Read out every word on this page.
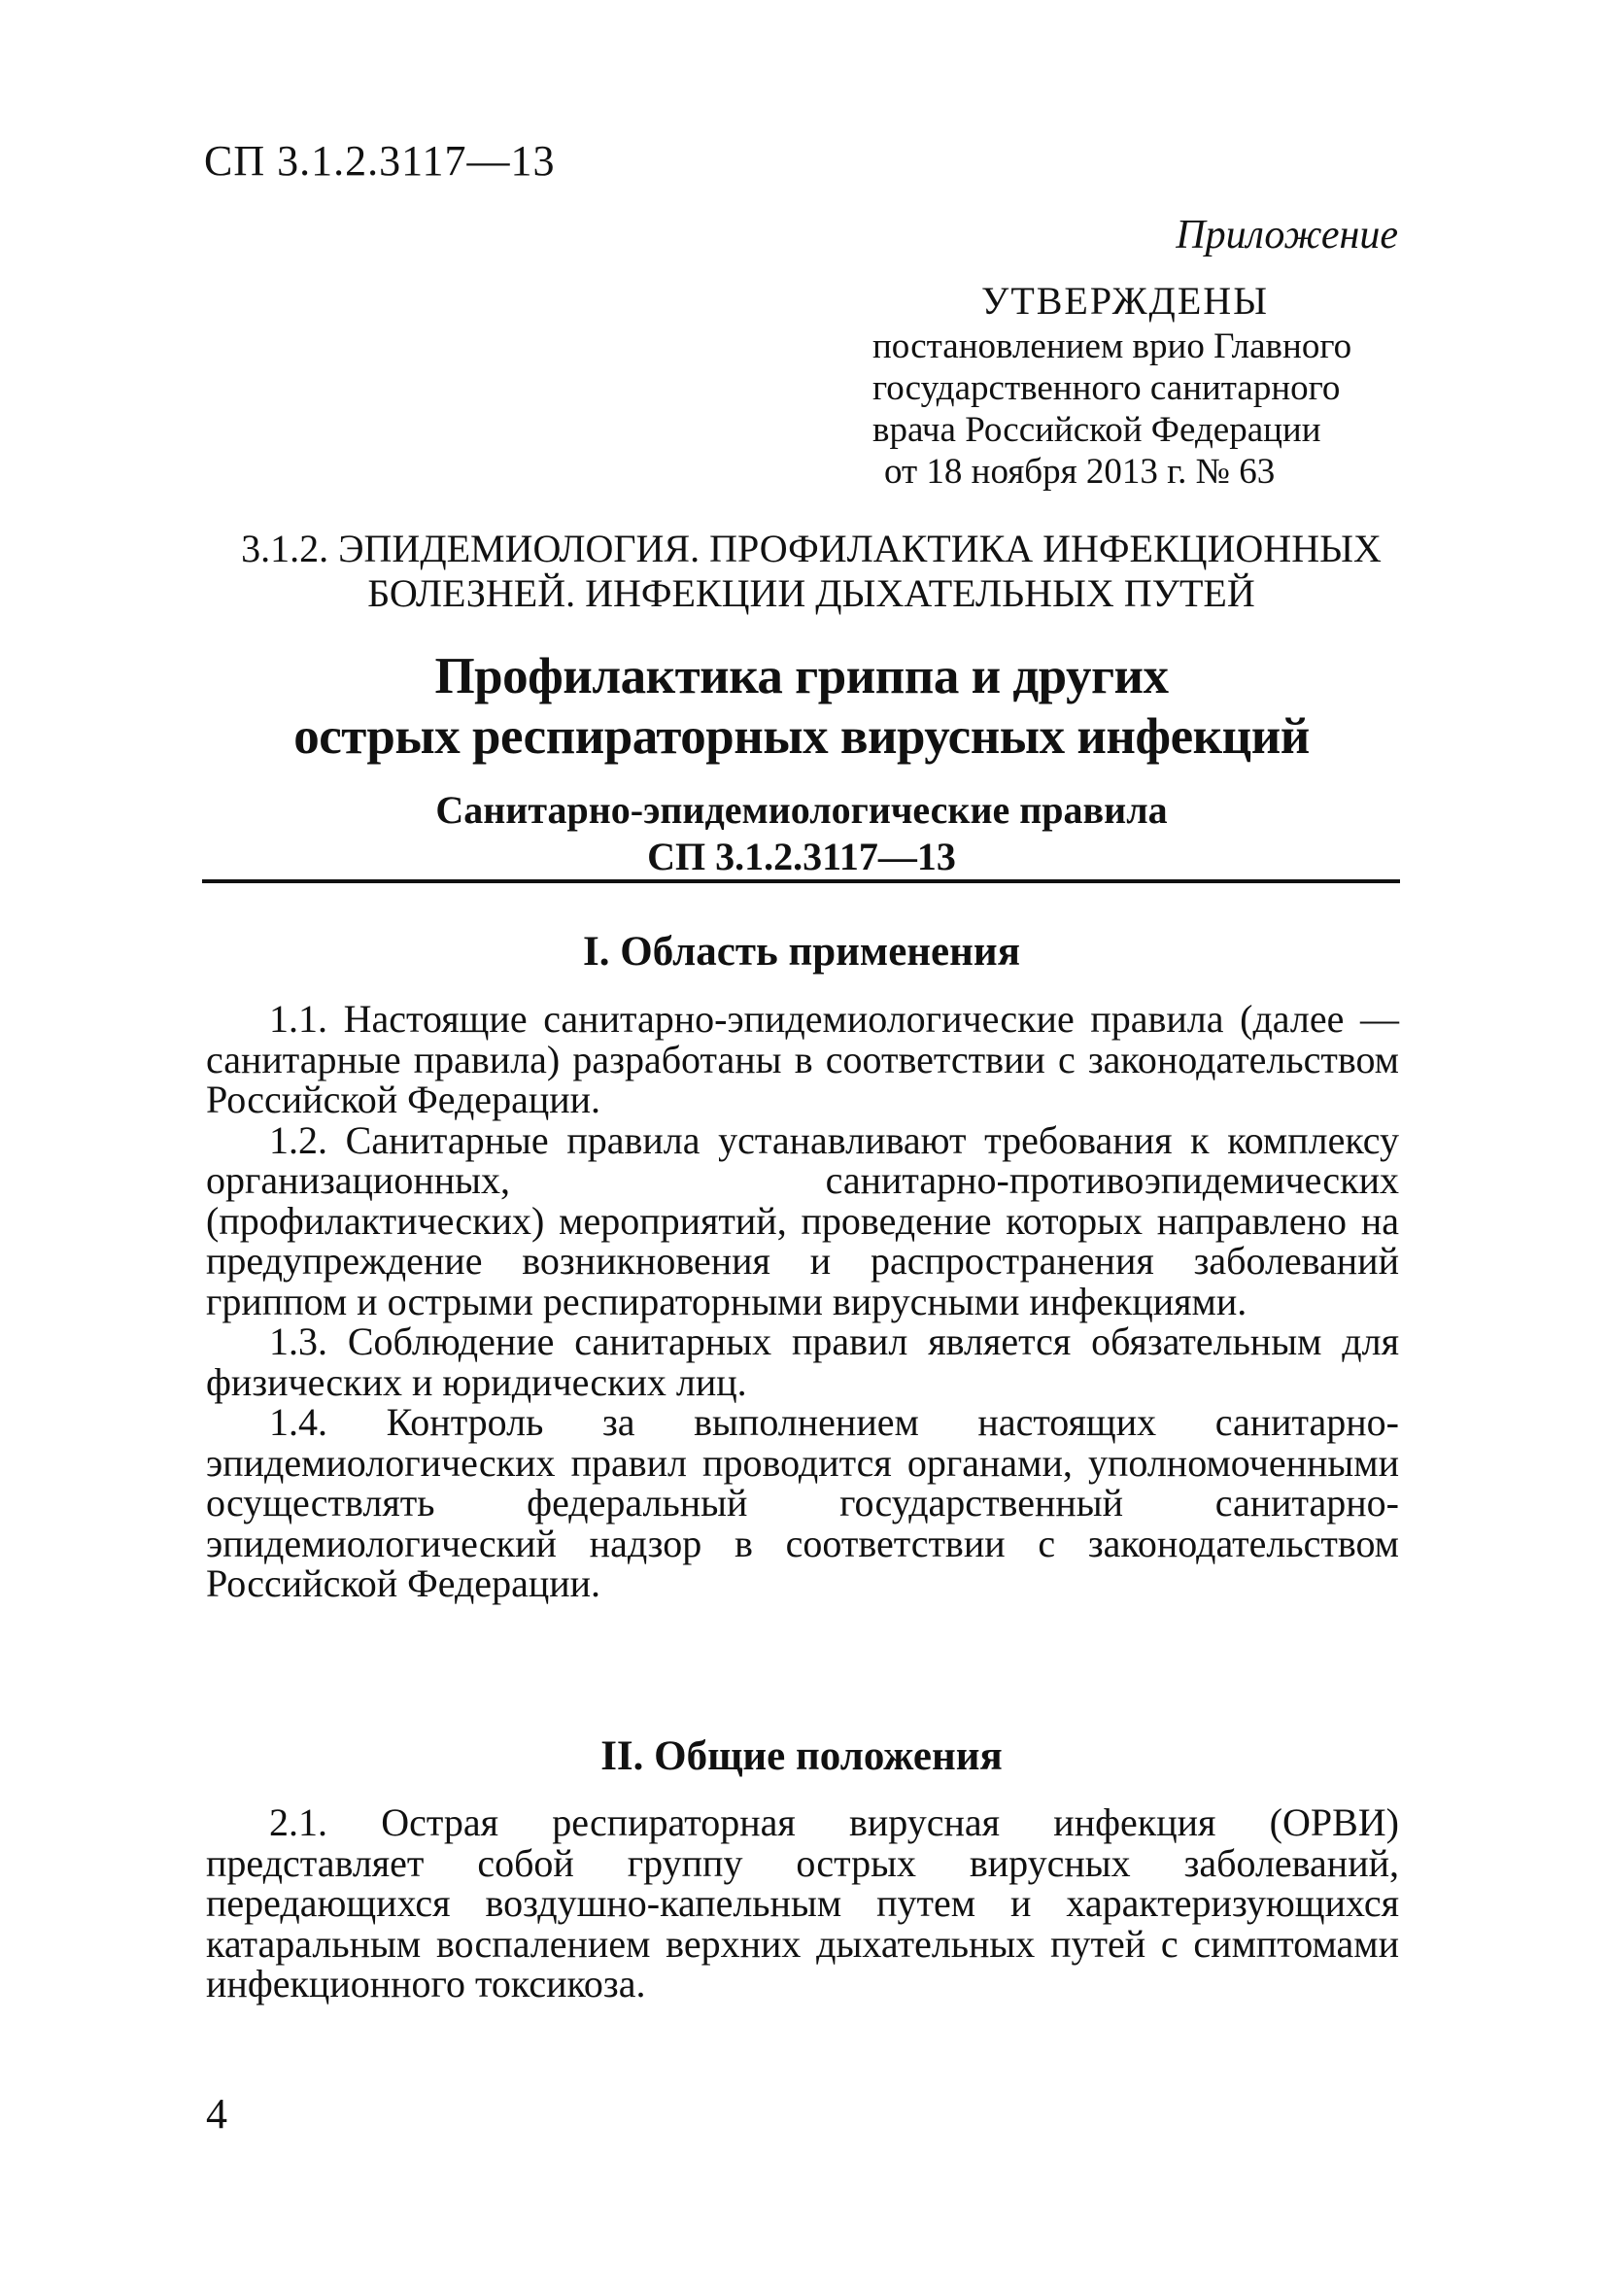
СП 3.1.2.3117—13
Приложение
УТВЕРЖДЕНЫ
постановлением врио Главного
государственного санитарного
врача Российской Федерации
от 18 ноября 2013 г. № 63
3.1.2. ЭПИДЕМИОЛОГИЯ. ПРОФИЛАКТИКА ИНФЕКЦИОННЫХ
БОЛЕЗНЕЙ. ИНФЕКЦИИ ДЫХАТЕЛЬНЫХ ПУТЕЙ
Профилактика гриппа и других
острых респираторных вирусных инфекций
Санитарно-эпидемиологические правила
СП 3.1.2.3117—13
I. Область применения

1.1. Настоящие санитарно-эпидемиологические правила (далее — санитарные правила) разработаны в соответствии с законодательством Российской Федерации.

1.2. Санитарные правила устанавливают требования к комплексу организационных, санитарно-противоэпидемических (профилактических) мероприятий, проведение которых направлено на предупреждение возникновения и распространения заболеваний гриппом и острыми респираторными вирусными инфекциями.

1.3. Соблюдение санитарных правил является обязательным для физических и юридических лиц.

1.4. Контроль за выполнением настоящих санитарно-эпидемиологических правил проводится органами, уполномоченными осуществлять федеральный государственный санитарно-эпидемиологический надзор в соответствии с законодательством Российской Федерации.

II. Общие положения

2.1. Острая респираторная вирусная инфекция (ОРВИ) представляет собой группу острых вирусных заболеваний, передающихся воздушно-капельным путем и характеризующихся катаральным воспалением верхних дыхательных путей с симптомами инфекционного токсикоза.

4
